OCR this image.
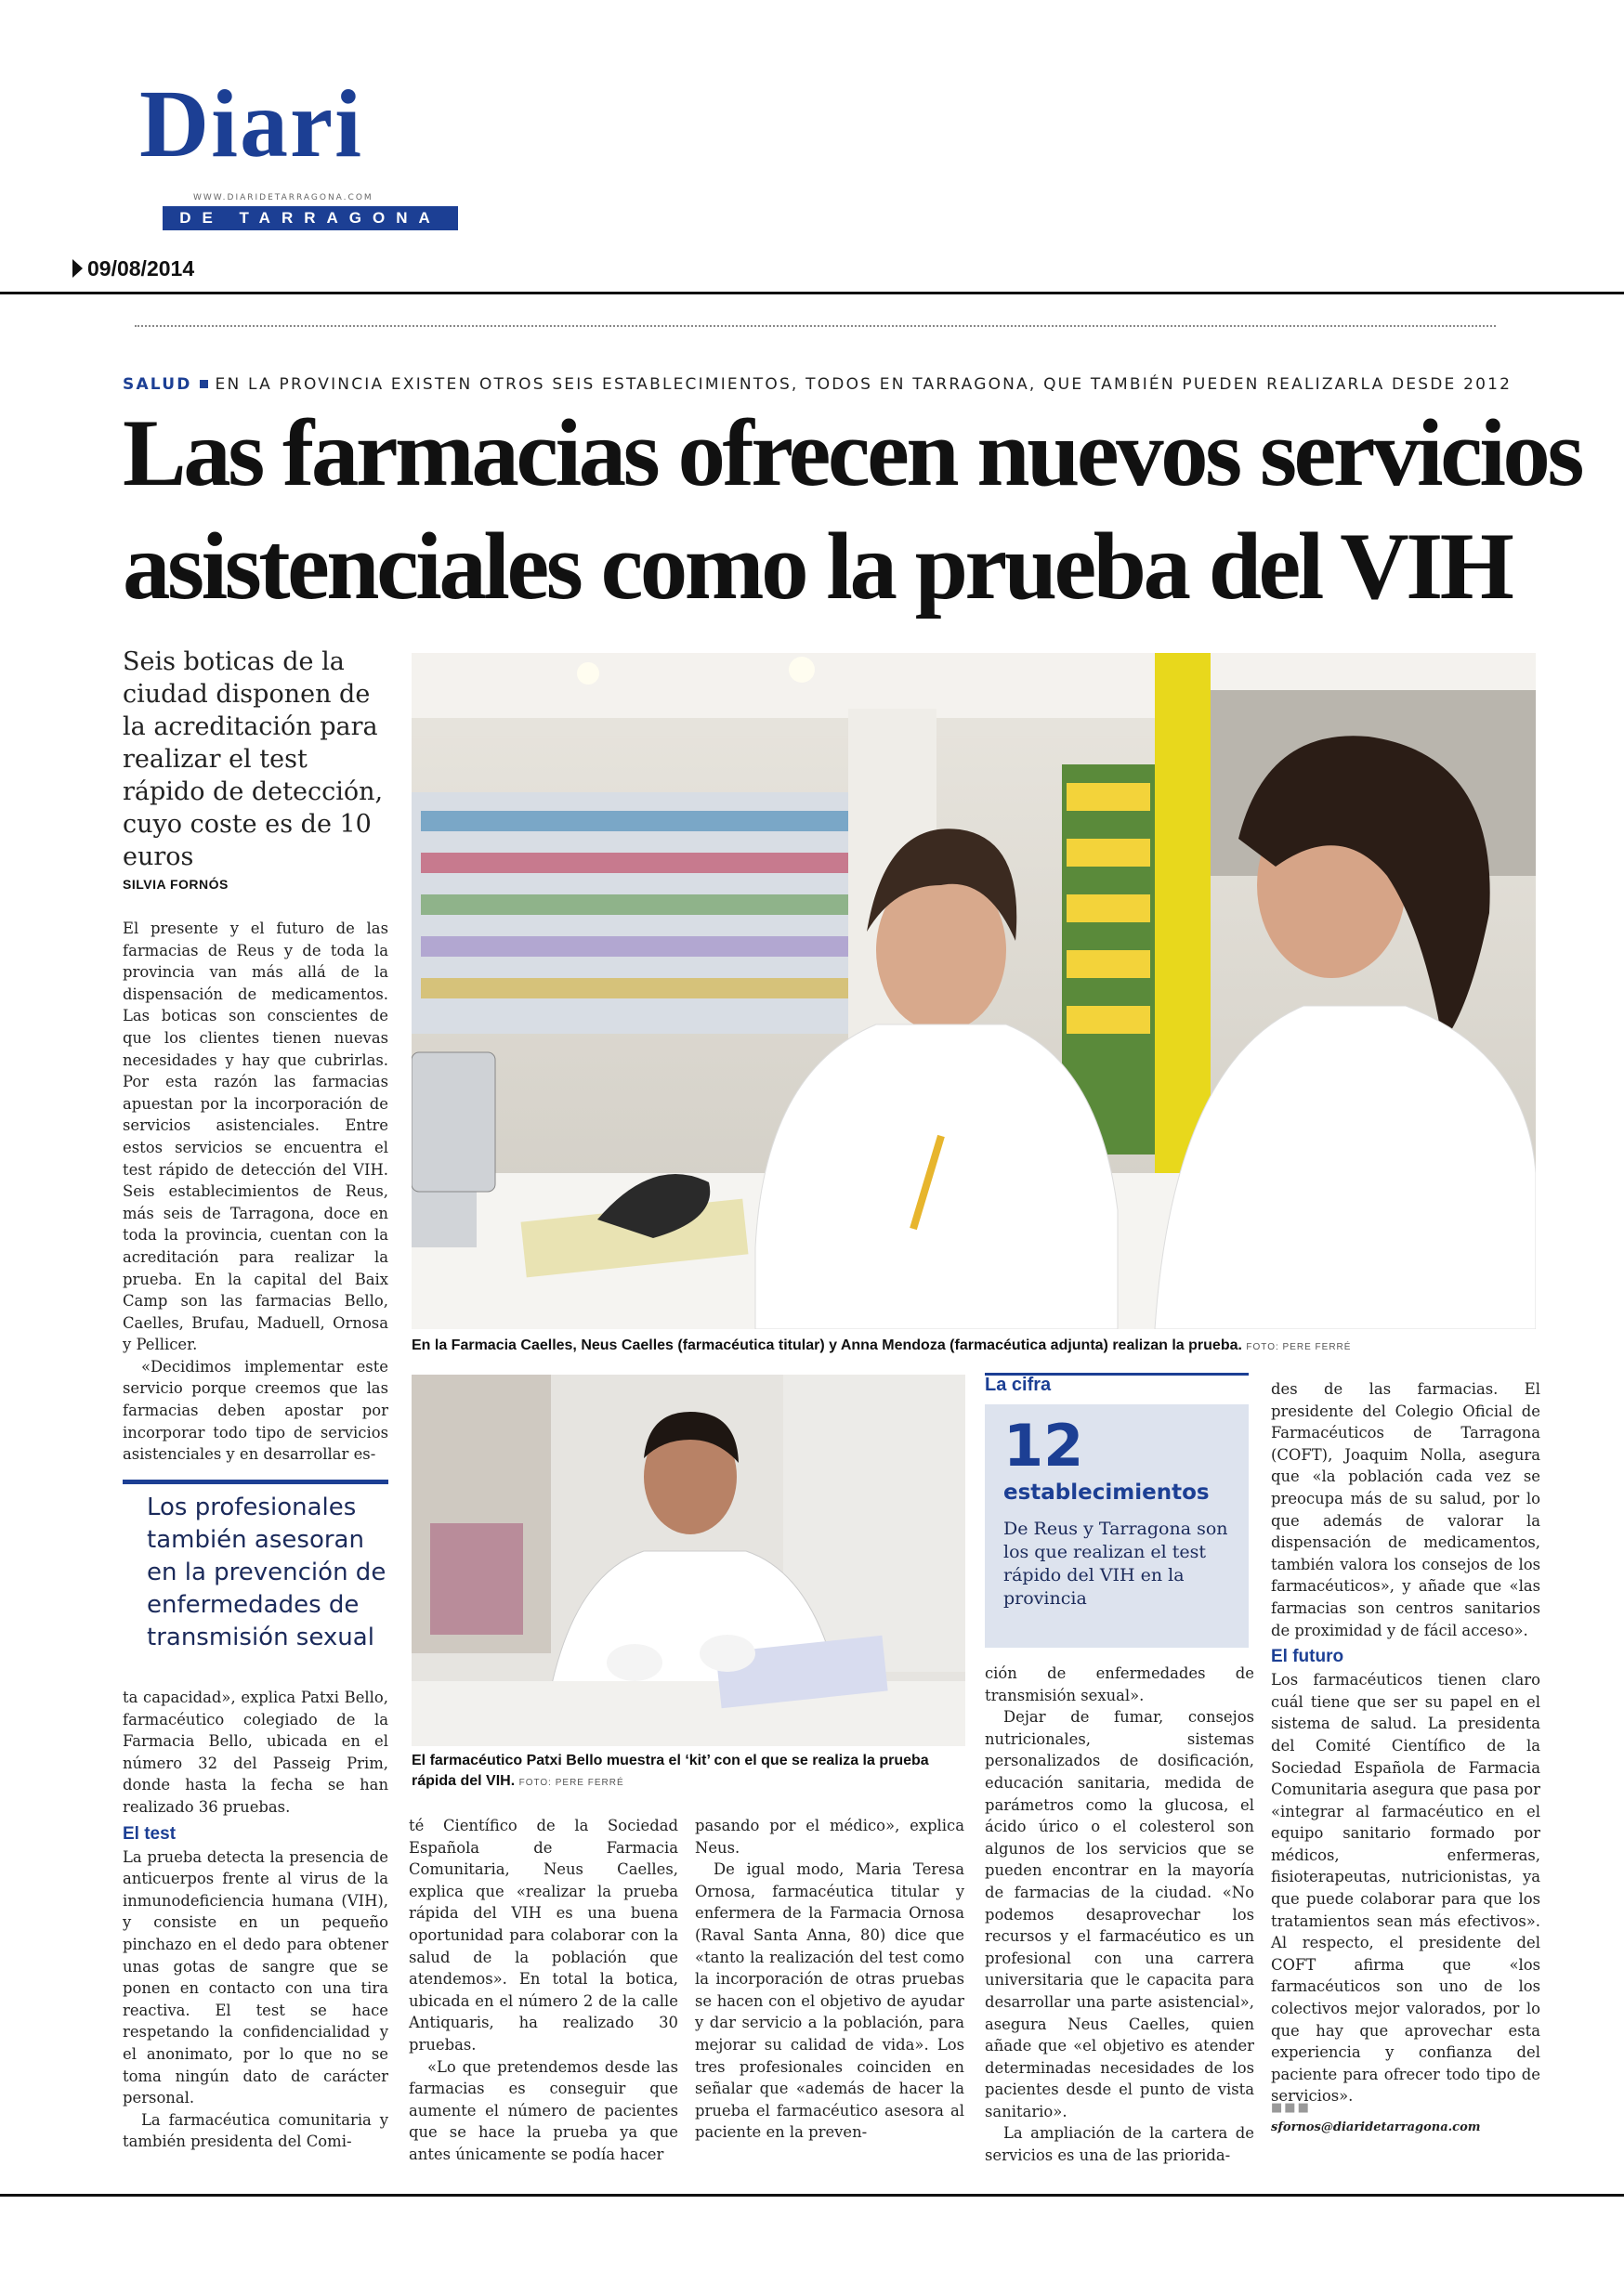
Diari
WWW.DIARIDETARRAGONA.COM
DE TARRAGONA
09/08/2014
SALUD EN LA PROVINCIA EXISTEN OTROS SEIS ESTABLECIMIENTOS, TODOS EN TARRAGONA, QUE TAMBIÉN PUEDEN REALIZARLA DESDE 2012
Las farmacias ofrecen nuevos servicios
asistenciales como la prueba del VIH
Seis boticas de la ciudad disponen de la acreditación para realizar el test rápido de detección, cuyo coste es de 10 euros
SILVIA FORNÓS

El presente y el futuro de las farmacias de Reus y de toda la provincia van más allá de la dispensación de medicamentos. Las boticas son conscientes de que los clientes tienen nuevas necesidades y hay que cubrirlas. Por esta razón las farmacias apuestan por la incorporación de servicios asistenciales. Entre estos servicios se encuentra el test rápido de detección del VIH. Seis establecimientos de Reus, más seis de Tarragona, doce en toda la provincia, cuentan con la acreditación para realizar la prueba. En la capital del Baix Camp son las farmacias Bello, Caelles, Brufau, Maduell, Ornosa y Pellicer.

«Decidimos implementar este servicio porque creemos que las farmacias deben apostar por incorporar todo tipo de servicios asistenciales y en desarrollar es-

Los profesionales también asesoran en la prevención de enfermedades de transmisión sexual

ta capacidad», explica Patxi Bello, farmacéutico colegiado de la Farmacia Bello, ubicada en el número 32 del Passeig Prim, donde hasta la fecha se han realizado 36 pruebas.

El test

La prueba detecta la presencia de anticuerpos frente al virus de la inmunodeficiencia humana (VIH), y consiste en un pequeño pinchazo en el dedo para obtener unas gotas de sangre que se ponen en contacto con una tira reactiva. El test se hace respetando la confidencialidad y el anonimato, por lo que no se toma ningún dato de carácter personal.

La farmacéutica comunitaria y también presidenta del Comi-

En la Farmacia Caelles, Neus Caelles (farmacéutica titular) y Anna Mendoza (farmacéutica adjunta) realizan la prueba. FOTO: PERE FERRÉ
El farmacéutico Patxi Bello muestra el ‘kit’ con el que se realiza la prueba rápida del VIH. FOTO: PERE FERRÉ

té Científico de la Sociedad Española de Farmacia Comunitaria, Neus Caelles, explica que «realizar la prueba rápida del VIH es una buena oportunidad para colaborar con la salud de la población que atendemos». En total la botica, ubicada en el número 2 de la calle Antiquaris, ha realizado 30 pruebas.

«Lo que pretendemos desde las farmacias es conseguir que aumente el número de pacientes que se hace la prueba ya que antes únicamente se podía hacer

pasando por el médico», explica Neus.

De igual modo, Maria Teresa Ornosa, farmacéutica titular y enfermera de la Farmacia Ornosa (Raval Santa Anna, 80) dice que «tanto la realización del test como la incorporación de otras pruebas se hacen con el objetivo de ayudar y dar servicio a la población, para mejorar su calidad de vida». Los tres profesionales coinciden en señalar que «además de hacer la prueba el farmacéutico asesora al paciente en la preven-

La cifra
12
establecimientos
De Reus y Tarragona son los que realizan el test rápido del VIH en la provincia

ción de enfermedades de transmisión sexual».

Dejar de fumar, consejos nutricionales, sistemas personalizados de dosificación, educación sanitaria, medida de parámetros como la glucosa, el ácido úrico o el colesterol son algunos de los servicios que se pueden encontrar en la mayoría de farmacias de la ciudad. «No podemos desaprovechar los recursos y el farmacéutico es un profesional con una carrera universitaria que le capacita para desarrollar una parte asistencial», asegura Neus Caelles, quien añade que «el objetivo es atender determinadas necesidades de los pacientes desde el punto de vista sanitario».

La ampliación de la cartera de servicios es una de las priorida-

des de las farmacias. El presidente del Colegio Oficial de Farmacéuticos de Tarragona (COFT), Joaquim Nolla, asegura que «la población cada vez se preocupa más de su salud, por lo que además de valorar la dispensación de medicamentos, también valora los consejos de los farmacéuticos», y añade que «las farmacias son centros sanitarios de proximidad y de fácil acceso».

El futuro

Los farmacéuticos tienen claro cuál tiene que ser su papel en el sistema de salud. La presidenta del Comité Científico de la Sociedad Española de Farmacia Comunitaria asegura que pasa por «integrar al farmacéutico en el equipo sanitario formado por médicos, enfermeras, fisioterapeutas, nutricionistas, ya que puede colaborar para que los tratamientos sean más efectivos». Al respecto, el presidente del COFT afirma que «los farmacéuticos son uno de los colectivos mejor valorados, por lo que hay que aprovechar esta experiencia y confianza del paciente para ofrecer todo tipo de servicios».

■■■
sfornos@diaridetarragona.com
